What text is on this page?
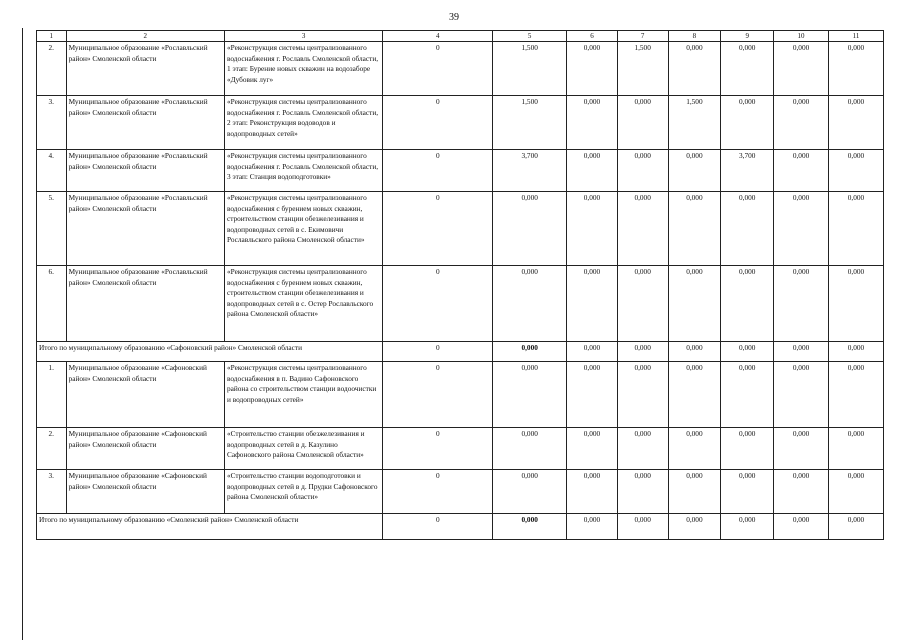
39
1	2	3	4	5	6	7	8	9	10	11
2.	Муниципальное образование «Рославльский район» Смоленской области	«Реконструкция системы централизованного водоснабжения г. Рославль Смоленской области, 1 этап: Бурение новых скважин на водозаборе «Дубовик луг»	0	1,500	0,000	1,500	0,000	0,000	0,000	0,000
3.	Муниципальное образование «Рославльский район» Смоленской области	«Реконструкция системы централизованного водоснабжения г. Рославль Смоленской области, 2 этап: Реконструкция водоводов и водопроводных сетей»	0	1,500	0,000	0,000	1,500	0,000	0,000	0,000
4.	Муниципальное образование «Рославльский район» Смоленской области	«Реконструкция системы централизованного водоснабжения г. Рославль Смоленской области, 3 этап: Станция водоподготовки»	0	3,700	0,000	0,000	0,000	3,700	0,000	0,000
5.	Муниципальное образование «Рославльский район» Смоленской области	«Реконструкция системы централизованного водоснабжения с бурением новых скважин, строительством станции обезжелезивания и водопроводных сетей в с. Екимовичи Рославльского района Смоленской области»	0	0,000	0,000	0,000	0,000	0,000	0,000	0,000
6.	Муниципальное образование «Рославльский район» Смоленской области	«Реконструкция системы централизованного водоснабжения с бурением новых скважин, строительством станции обезжелезивания и водопроводных сетей в с. Остер Рославльского района Смоленской области»	0	0,000	0,000	0,000	0,000	0,000	0,000	0,000
Итого по муниципальному образованию «Сафоновский район» Смоленской области			0	0,000	0,000	0,000	0,000	0,000	0,000	0,000
1.	Муниципальное образование «Сафоновский район» Смоленской области	«Реконструкция системы централизованного водоснабжения в п. Вадино Сафоновского района со строительством станции водоочистки и водопроводных сетей»	0	0,000	0,000	0,000	0,000	0,000	0,000	0,000
2.	Муниципальное образование «Сафоновский район» Смоленской области	«Строительство станции обезжелезивания и водопроводных сетей в д. Казулино Сафоновского района Смоленской области»	0	0,000	0,000	0,000	0,000	0,000	0,000	0,000
3.	Муниципальное образование «Сафоновский район» Смоленской области	«Строительство станции водоподготовки и водопроводных сетей в д. Прудки Сафоновского района Смоленской области»	0	0,000	0,000	0,000	0,000	0,000	0,000	0,000
Итого по муниципальному образованию «Смоленский район» Смоленской области			0	0,000	0,000	0,000	0,000	0,000	0,000	0,000
